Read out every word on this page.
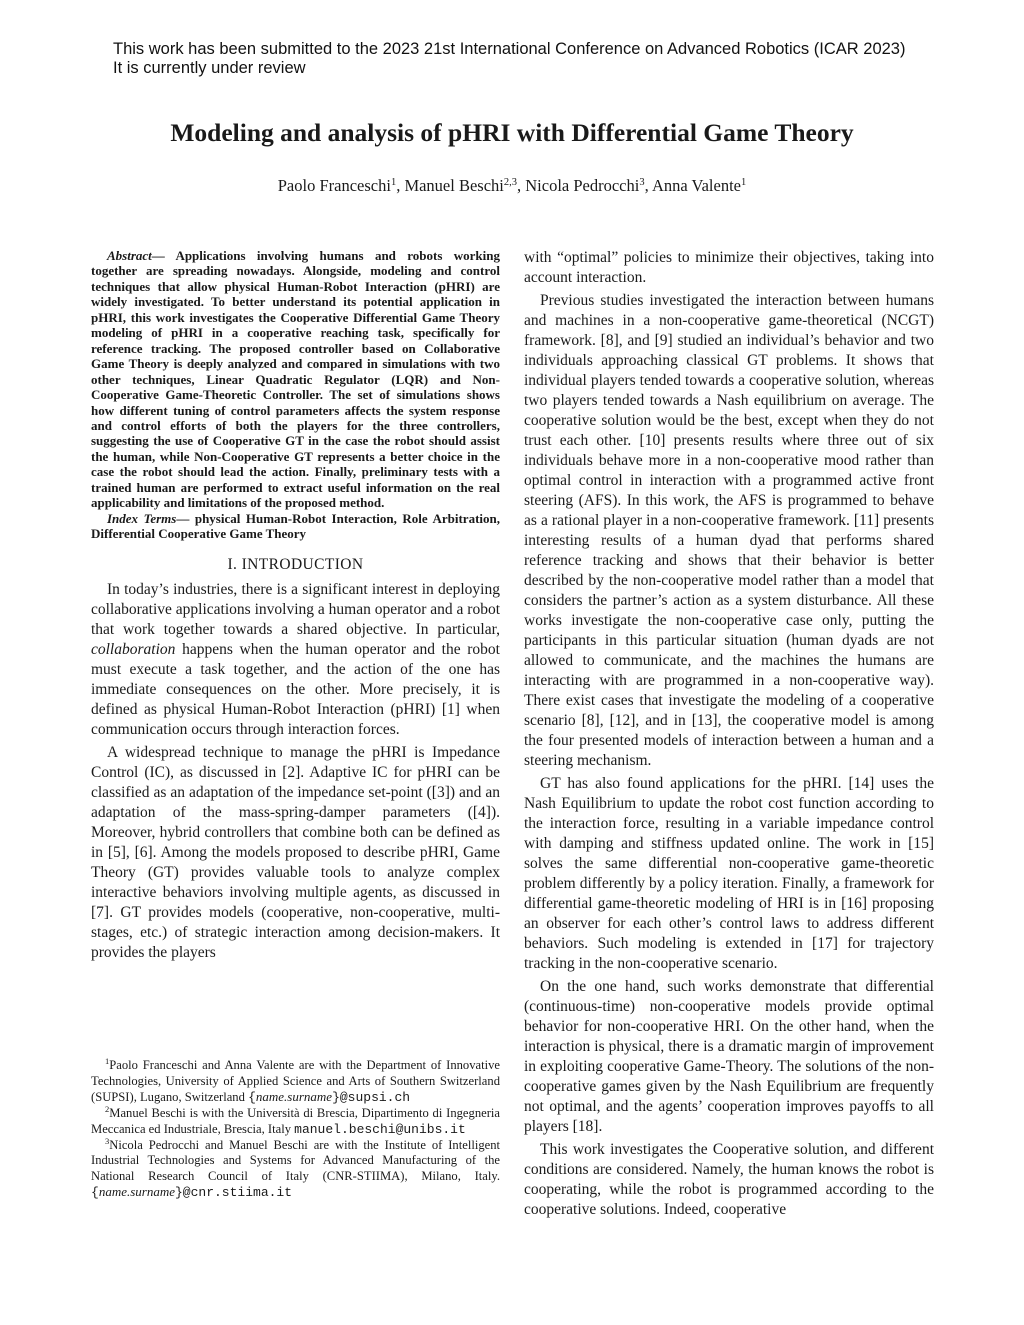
This work has been submitted to the 2023 21st International Conference on Advanced Robotics (ICAR 2023)
It is currently under review
Modeling and analysis of pHRI with Differential Game Theory
Paolo Franceschi$^1$, Manuel Beschi$^{2,3}$, Nicola Pedrocchi$^3$, Anna Valente$^1$

Abstract— Applications involving humans and robots working together are spreading nowadays. Alongside, modeling and control techniques that allow physical Human-Robot Interaction (pHRI) are widely investigated. To better understand its potential application in pHRI, this work investigates the Cooperative Differential Game Theory modeling of pHRI in a cooperative reaching task, specifically for reference tracking. The proposed controller based on Collaborative Game Theory is deeply analyzed and compared in simulations with two other techniques, Linear Quadratic Regulator (LQR) and Non-Cooperative Game-Theoretic Controller. The set of simulations shows how different tuning of control parameters affects the system response and control efforts of both the players for the three controllers, suggesting the use of Cooperative GT in the case the robot should assist the human, while Non-Cooperative GT represents a better choice in the case the robot should lead the action. Finally, preliminary tests with a trained human are performed to extract useful information on the real applicability and limitations of the proposed method.

Index Terms— physical Human-Robot Interaction, Role Arbitration, Differential Cooperative Game Theory

I. INTRODUCTION

In today’s industries, there is a significant interest in deploying collaborative applications involving a human operator and a robot that work together towards a shared objective. In particular, collaboration happens when the human operator and the robot must execute a task together, and the action of the one has immediate consequences on the other. More precisely, it is defined as physical Human-Robot Interaction (pHRI) [1] when communication occurs through interaction forces.

A widespread technique to manage the pHRI is Impedance Control (IC), as discussed in [2]. Adaptive IC for pHRI can be classified as an adaptation of the impedance set-point ([3]) and an adaptation of the mass-spring-damper parameters ([4]). Moreover, hybrid controllers that combine both can be defined as in [5], [6]. Among the models proposed to describe pHRI, Game Theory (GT) provides valuable tools to analyze complex interactive behaviors involving multiple agents, as discussed in [7]. GT provides models (cooperative, non-cooperative, multi-stages, etc.) of strategic interaction among decision-makers. It provides the players

with “optimal” policies to minimize their objectives, taking into account interaction.

Previous studies investigated the interaction between humans and machines in a non-cooperative game-theoretical (NCGT) framework. [8], and [9] studied an individual’s behavior and two individuals approaching classical GT problems. It shows that individual players tended towards a cooperative solution, whereas two players tended towards a Nash equilibrium on average. The cooperative solution would be the best, except when they do not trust each other. [10] presents results where three out of six individuals behave more in a non-cooperative mood rather than optimal control in interaction with a programmed active front steering (AFS). In this work, the AFS is programmed to behave as a rational player in a non-cooperative framework. [11] presents interesting results of a human dyad that performs shared reference tracking and shows that their behavior is better described by the non-cooperative model rather than a model that considers the partner’s action as a system disturbance. All these works investigate the non-cooperative case only, putting the participants in this particular situation (human dyads are not allowed to communicate, and the machines the humans are interacting with are programmed in a non-cooperative way). There exist cases that investigate the modeling of a cooperative scenario [8], [12], and in [13], the cooperative model is among the four presented models of interaction between a human and a steering mechanism.

GT has also found applications for the pHRI. [14] uses the Nash Equilibrium to update the robot cost function according to the interaction force, resulting in a variable impedance control with damping and stiffness updated online. The work in [15] solves the same differential non-cooperative game-theoretic problem differently by a policy iteration. Finally, a framework for differential game-theoretic modeling of HRI is in [16] proposing an observer for each other’s control laws to address different behaviors. Such modeling is extended in [17] for trajectory tracking in the non-cooperative scenario.

On the one hand, such works demonstrate that differential (continuous-time) non-cooperative models provide optimal behavior for non-cooperative HRI. On the other hand, when the interaction is physical, there is a dramatic margin of improvement in exploiting cooperative Game-Theory. The solutions of the non-cooperative games given by the Nash Equilibrium are frequently not optimal, and the agents’ cooperation improves payoffs to all players [18].

This work investigates the Cooperative solution, and different conditions are considered. Namely, the human knows the robot is cooperating, while the robot is programmed according to the cooperative solutions. Indeed, cooperative

$^1$Paolo Franceschi and Anna Valente are with the Department of Innovative Technologies, University of Applied Science and Arts of Southern Switzerland (SUPSI), Lugano, Switzerland {name.surname}@supsi.ch

$^2$Manuel Beschi is with the Università di Brescia, Dipartimento di Ingegneria Meccanica ed Industriale, Brescia, Italy manuel.beschi@unibs.it

$^3$Nicola Pedrocchi and Manuel Beschi are with the Institute of Intelligent Industrial Technologies and Systems for Advanced Manufacturing of the National Research Council of Italy (CNR-STIIMA), Milano, Italy. {name.surname}@cnr.stiima.it
